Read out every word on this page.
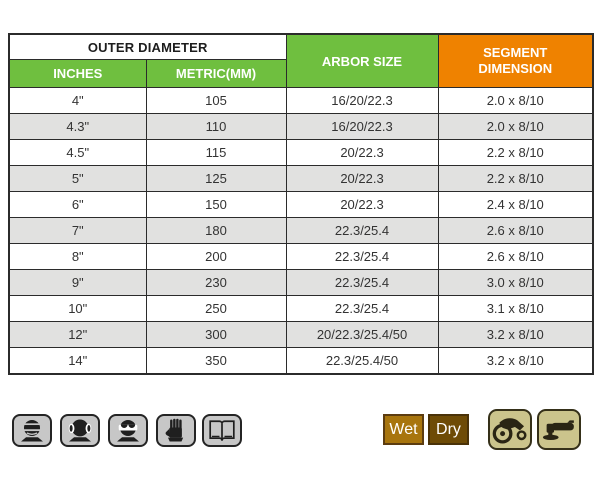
OUTER DIAMETER		ARBOR SIZE	SEGMENT DIMENSION
INCHES	METRIC(MM)		
4"	105	16/20/22.3	2.0 x 8/10
4.3"	110	16/20/22.3	2.0 x 8/10
4.5"	115	20/22.3	2.2 x 8/10
5"	125	20/22.3	2.2 x 8/10
6"	150	20/22.3	2.4 x 8/10
7"	180	22.3/25.4	2.6 x 8/10
8"	200	22.3/25.4	2.6 x 8/10
9"	230	22.3/25.4	3.0 x 8/10
10"	250	22.3/25.4	3.1 x 8/10
12"	300	20/22.3/25.4/50	3.2 x 8/10
14"	350	22.3/25.4/50	3.2 x 8/10
Wet Dry
